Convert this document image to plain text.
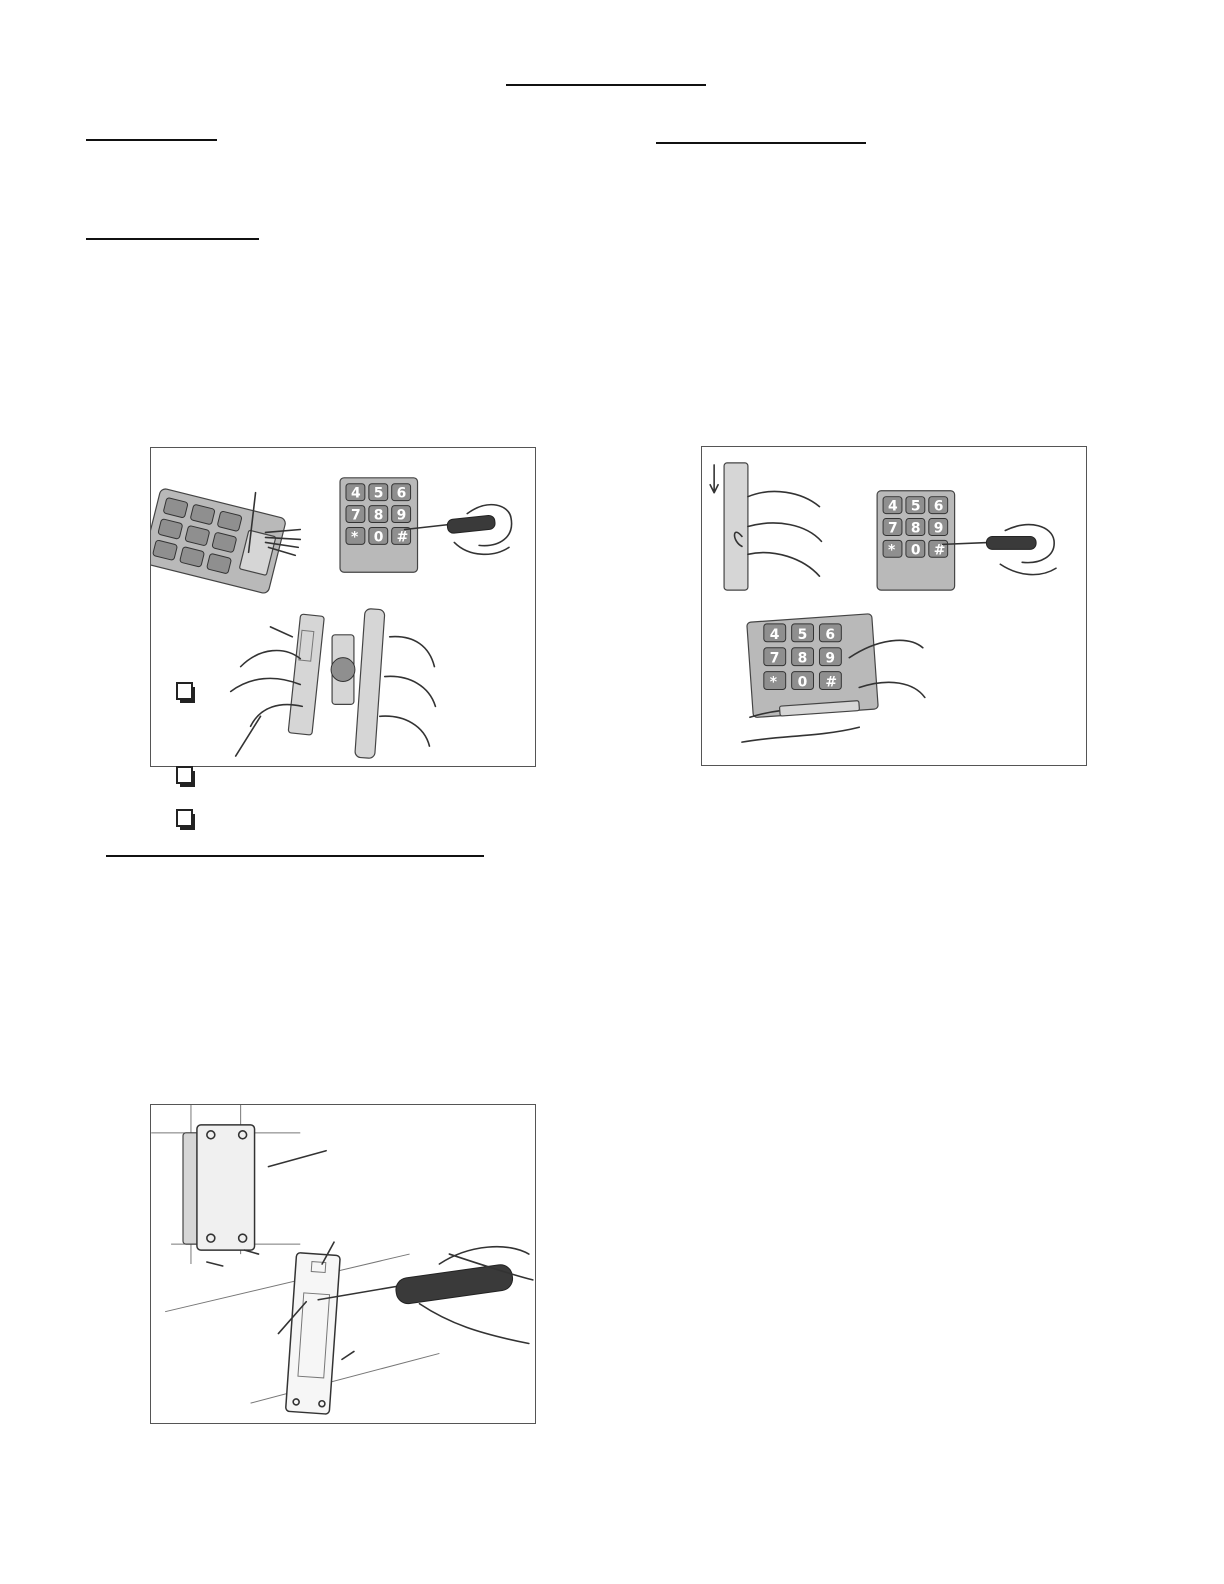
4 5 6
7 8 9
* 0 #
4 5 6
7 8 9
* 0 #
4 5 6
7 8 9
* 0 #
